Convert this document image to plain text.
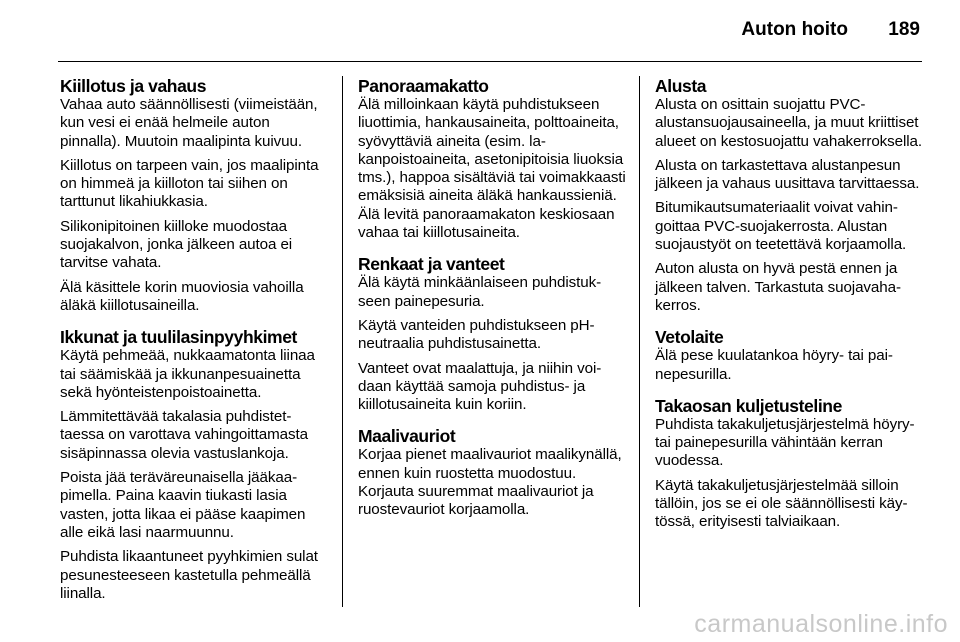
Auton hoito 189
Kiillotus ja vahaus

Vahaa auto säännöllisesti (viimeistään, kun vesi ei enää helmeile auton pinnalla). Muutoin maalipinta kuivuu.

Kiillotus on tarpeen vain, jos maalipinta on himmeä ja kiilloton tai siihen on tarttunut likahiukkasia.

Silikonipitoinen kiilloke muodostaa suojakalvon, jonka jälkeen autoa ei tarvitse vahata.

Älä käsittele korin muoviosia vahoilla äläkä kiillotusaineilla.

Ikkunat ja tuulilasinpyyhkimet

Käytä pehmeää, nukkaamatonta liinaa tai säämiskää ja ikkunanpesuainetta sekä hyönteistenpoistoainetta.

Lämmitettävää takalasia puhdistettaessa on varottava vahingoittamasta sisäpinnassa olevia vastuslankoja.

Poista jää teräväreunaisella jääkaapimella. Paina kaavin tiukasti lasia vasten, jotta likaa ei pääse kaapimen alle eikä lasi naarmuunnu.

Puhdista likaantuneet pyyhkimien sulat pesunesteeseen kastetulla pehmeällä liinalla.

Panoraamakatto

Älä milloinkaan käytä puhdistukseen liuottimia, hankausaineita, polttoaineita, syövyttäviä aineita (esim. lakanpoistoaineita, asetonipitoisia liuoksia tms.), happoa sisältäviä tai voimakkaasti emäksisiä aineita äläkä hankaussieniä. Älä levitä panoraamakaton keskiosaan vahaa tai kiillotusaineita.

Renkaat ja vanteet

Älä käytä minkäänlaiseen puhdistukseen painepesuria.

Käytä vanteiden puhdistukseen pH-neutraalia puhdistusainetta.

Vanteet ovat maalattuja, ja niihin voidaan käyttää samoja puhdistus- ja kiillotusaineita kuin koriin.

Maalivauriot

Korjaa pienet maalivauriot maalikynällä, ennen kuin ruostetta muodostuu. Korjauta suuremmat maalivauriot ja ruostevauriot korjaamolla.

Alusta

Alusta on osittain suojattu PVC-alustansuojausaineella, ja muut kriittiset alueet on kestosuojattu vahakerroksella.

Alusta on tarkastettava alustanpesun jälkeen ja vahaus uusittava tarvittaessa.

Bitumikautsumateriaalit voivat vahingoittaa PVC-suojakerrosta. Alustan suojaustyöt on teetettävä korjaamolla.

Auton alusta on hyvä pestä ennen ja jälkeen talven. Tarkastuta suojavahakerros.

Vetolaite

Älä pese kuulatankoa höyry- tai painepesurilla.

Takaosan kuljetusteline

Puhdista takakuljetusjärjestelmä höyry- tai painepesurilla vähintään kerran vuodessa.

Käytä takakuljetusjärjestelmää silloin tällöin, jos se ei ole säännöllisesti käytössä, erityisesti talviaikaan.

carmanualsonline.info
